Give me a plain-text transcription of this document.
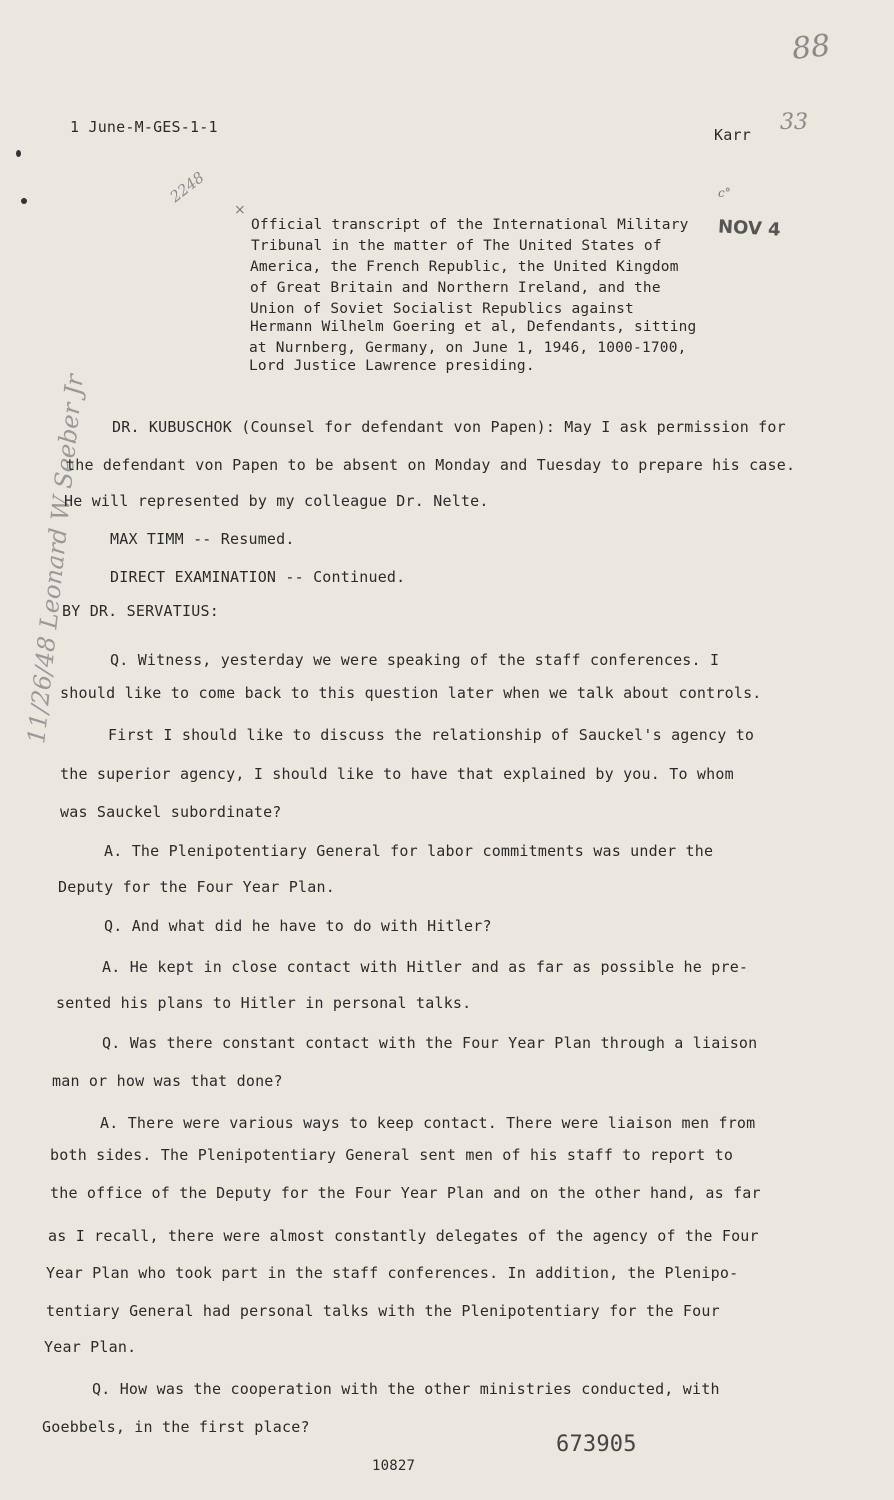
88
1 June-M-GES-1-1	Karr 33
2248
×
NOV 4
c°
Official transcript of the International Military
Tribunal in the matter of The United States of
America, the French Republic, the United Kingdom
of Great Britain and Northern Ireland, and the
Union of Soviet Socialist Republics against
Hermann Wilhelm Goering et al, Defendants, sitting
at Nurnberg, Germany, on June 1, 1946, 1000-1700,
Lord Justice Lawrence presiding.
11/26/48 Leonard W Seeber Jr DR. KUBUSCHOK (Counsel for defendant von Papen): May I ask permission for
the defendant von Papen to be absent on Monday and Tuesday to prepare his case.
He will represented by my colleague Dr. Nelte.
MAX TIMM -- Resumed.
DIRECT EXAMINATION -- Continued.
BY DR. SERVATIUS:
Q. Witness, yesterday we were speaking of the staff conferences. I
should like to come back to this question later when we talk about controls.
First I should like to discuss the relationship of Sauckel's agency to
the superior agency, I should like to have that explained by you. To whom
was Sauckel subordinate?
A. The Plenipotentiary General for labor commitments was under the
Deputy for the Four Year Plan.
Q. And what did he have to do with Hitler?
A. He kept in close contact with Hitler and as far as possible he pre-
sented his plans to Hitler in personal talks.
Q. Was there constant contact with the Four Year Plan through a liaison
man or how was that done?
A. There were various ways to keep contact. There were liaison men from
both sides. The Plenipotentiary General sent men of his staff to report to
the office of the Deputy for the Four Year Plan and on the other hand, as far
as I recall, there were almost constantly delegates of the agency of the Four
Year Plan who took part in the staff conferences. In addition, the Plenipo-
tentiary General had personal talks with the Plenipotentiary for the Four
Year Plan.
Q. How was the cooperation with the other ministries conducted, with
Goebbels, in the first place?
10827
673905
